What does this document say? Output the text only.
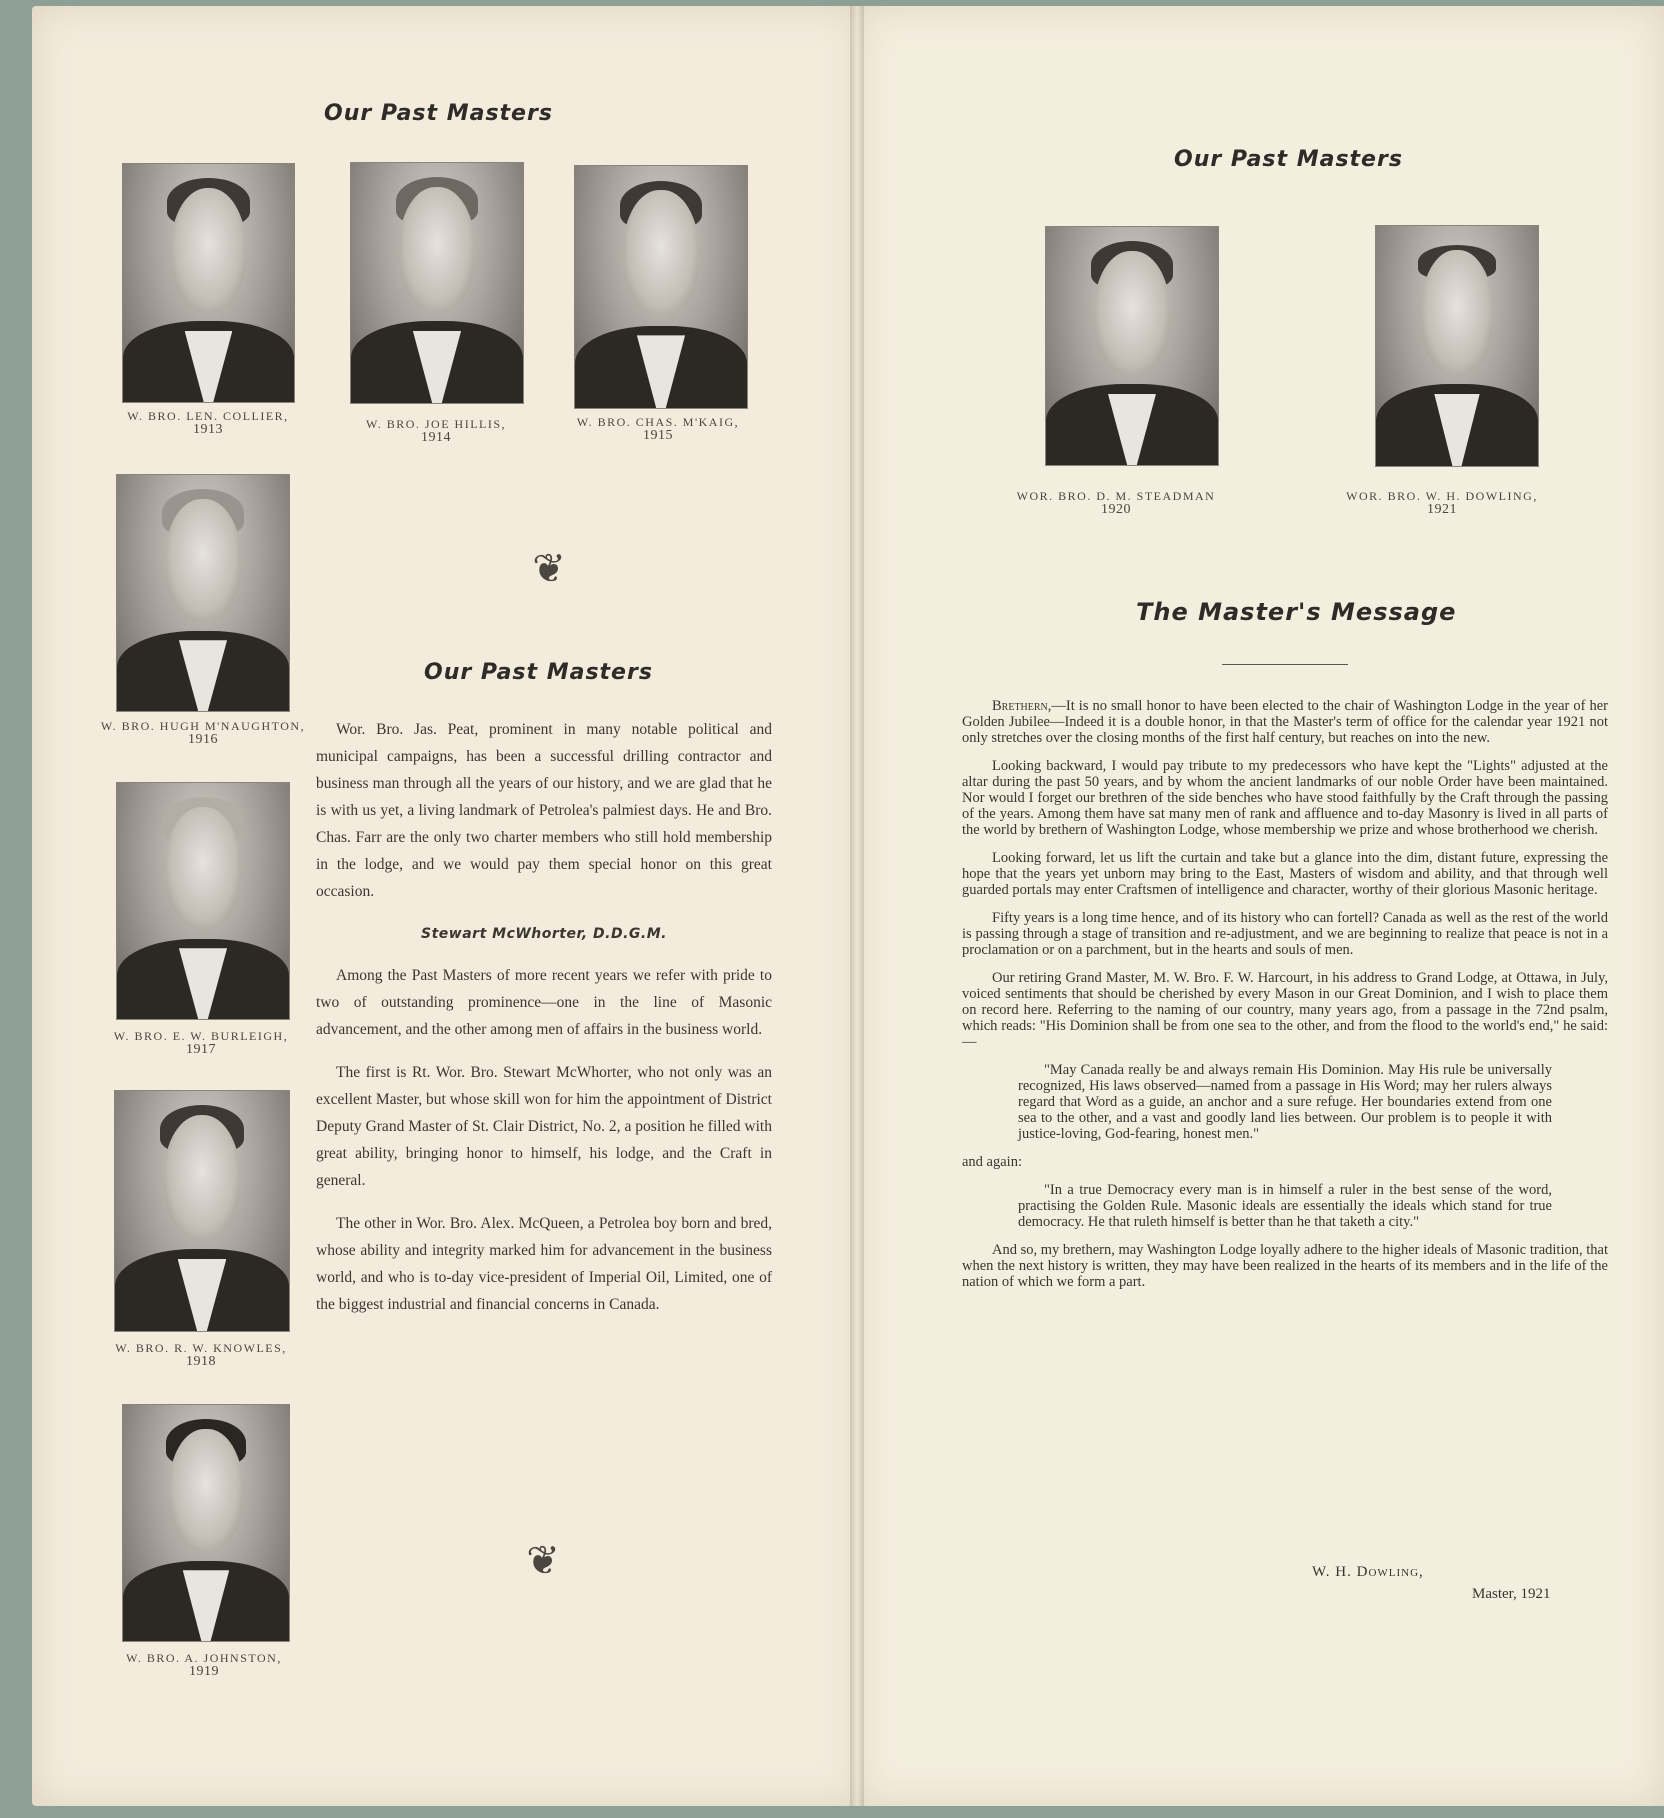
Our Past Masters
W. BRO. LEN. COLLIER,
1913	W. BRO. JOE HILLIS,
1914
W. BRO. CHAS. M'KAIG,
1915
W. BRO. HUGH M'NAUGHTON,
1916
❦
Our Past Masters
W. BRO. E. W. BURLEIGH,
1917
W. BRO. R. W. KNOWLES,
1918
W. BRO. A. JOHNSTON,
1919

Wor. Bro. Jas. Peat, prominent in many notable political and municipal campaigns, has been a successful drilling contractor and business man through all the years of our history, and we are glad that he is with us yet, a living landmark of Petrolea's palmiest days. He and Bro. Chas. Farr are the only two charter members who still hold membership in the lodge, and we would pay them special honor on this great occasion.

Stewart McWhorter, D.D.G.M.

Among the Past Masters of more recent years we refer with pride to two of outstanding prominence—one in the line of Masonic advancement, and the other among men of affairs in the business world.

The first is Rt. Wor. Bro. Stewart McWhorter, who not only was an excellent Master, but whose skill won for him the appointment of District Deputy Grand Master of St. Clair District, No. 2, a position he filled with great ability, bringing honor to himself, his lodge, and the Craft in general.

The other in Wor. Bro. Alex. McQueen, a Petrolea boy born and bred, whose ability and integrity marked him for advancement in the business world, and who is to-day vice-president of Imperial Oil, Limited, one of the biggest industrial and financial concerns in Canada.

❦
Our Past Masters
WOR. BRO. D. M. STEADMAN
1920
WOR. BRO. W. H. DOWLING,
1921
The Master's Message

Brethern,—It is no small honor to have been elected to the chair of Washington Lodge in the year of her Golden Jubilee—Indeed it is a double honor, in that the Master's term of office for the calendar year 1921 not only stretches over the closing months of the first half century, but reaches on into the new.

Looking backward, I would pay tribute to my predecessors who have kept the "Lights" adjusted at the altar during the past 50 years, and by whom the ancient landmarks of our noble Order have been maintained. Nor would I forget our brethren of the side benches who have stood faithfully by the Craft through the passing of the years. Among them have sat many men of rank and affluence and to-day Masonry is lived in all parts of the world by brethern of Washington Lodge, whose membership we prize and whose brotherhood we cherish.

Looking forward, let us lift the curtain and take but a glance into the dim, distant future, expressing the hope that the years yet unborn may bring to the East, Masters of wisdom and ability, and that through well guarded portals may enter Craftsmen of intelligence and character, worthy of their glorious Masonic heritage.

Fifty years is a long time hence, and of its history who can fortell? Canada as well as the rest of the world is passing through a stage of transition and re-adjustment, and we are beginning to realize that peace is not in a proclamation or on a parchment, but in the hearts and souls of men.

Our retiring Grand Master, M. W. Bro. F. W. Harcourt, in his address to Grand Lodge, at Ottawa, in July, voiced sentiments that should be cherished by every Mason in our Great Dominion, and I wish to place them on record here. Referring to the naming of our country, many years ago, from a passage in the 72nd psalm, which reads: "His Dominion shall be from one sea to the other, and from the flood to the world's end," he said:—

"May Canada really be and always remain His Dominion. May His rule be universally recognized, His laws observed—named from a passage in His Word; may her rulers always regard that Word as a guide, an anchor and a sure refuge. Her boundaries extend from one sea to the other, and a vast and goodly land lies between. Our problem is to people it with justice-loving, God-fearing, honest men."

and again:

"In a true Democracy every man is in himself a ruler in the best sense of the word, practising the Golden Rule. Masonic ideals are essentially the ideals which stand for true democracy. He that ruleth himself is better than he that taketh a city."

And so, my brethern, may Washington Lodge loyally adhere to the higher ideals of Masonic tradition, that when the next history is written, they may have been realized in the hearts of its members and in the life of the nation of which we form a part.

W. H. Dowling,
Master, 1921
